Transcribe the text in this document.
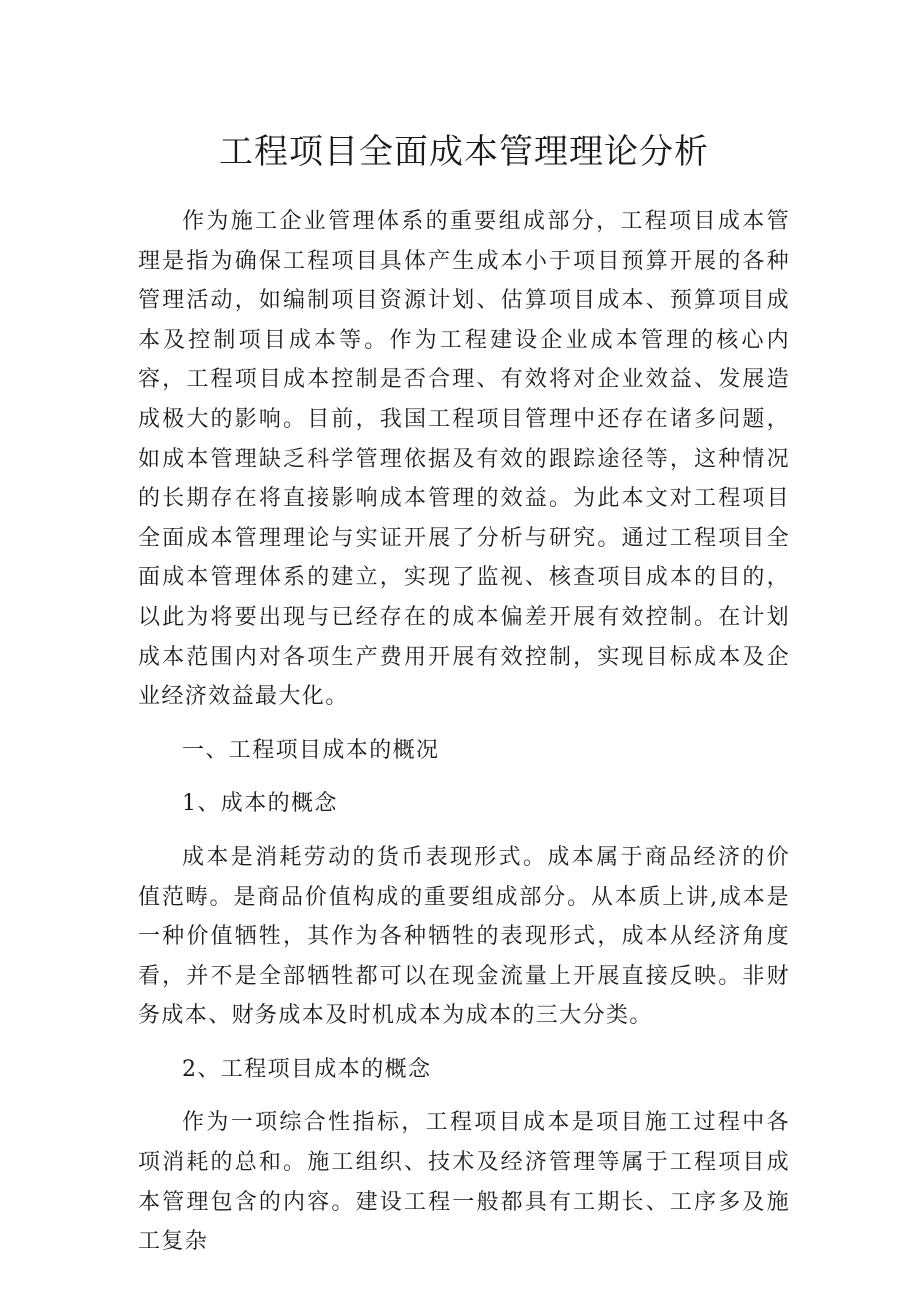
工程项目全面成本管理理论分析

作为施工企业管理体系的重要组成部分，工程项目成本管理是指为确保工程项目具体产生成本小于项目预算开展的各种管理活动，如编制项目资源计划、估算项目成本、预算项目成本及控制项目成本等。作为工程建设企业成本管理的核心内容，工程项目成本控制是否合理、有效将对企业效益、发展造成极大的影响。目前，我国工程项目管理中还存在诸多问题，如成本管理缺乏科学管理依据及有效的跟踪途径等，这种情况的长期存在将直接影响成本管理的效益。为此本文对工程项目全面成本管理理论与实证开展了分析与研究。通过工程项目全面成本管理体系的建立，实现了监视、核查项目成本的目的，以此为将要出现与已经存在的成本偏差开展有效控制。在计划成本范围内对各项生产费用开展有效控制，实现目标成本及企业经济效益最大化。

一、工程项目成本的概况
1、成本的概念

成本是消耗劳动的货币表现形式。成本属于商品经济的价值范畴。是商品价值构成的重要组成部分。从本质上讲,成本是一种价值牺牲，其作为各种牺牲的表现形式，成本从经济角度看，并不是全部牺牲都可以在现金流量上开展直接反映。非财务成本、财务成本及时机成本为成本的三大分类。

2、工程项目成本的概念

作为一项综合性指标，工程项目成本是项目施工过程中各项消耗的总和。施工组织、技术及经济管理等属于工程项目成本管理包含的内容。建设工程一般都具有工期长、工序多及施工复杂
